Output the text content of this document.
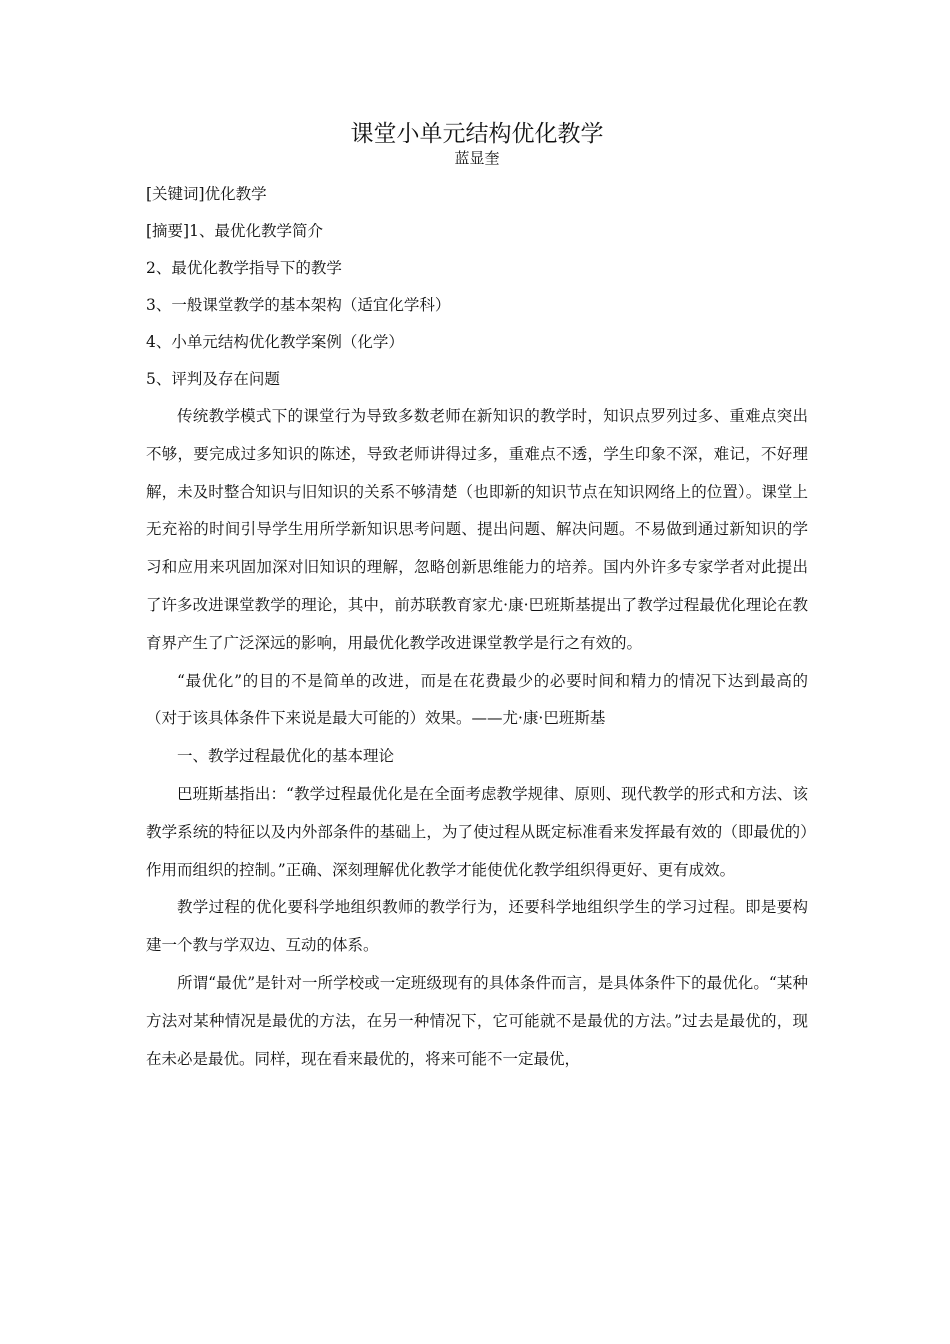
课堂小单元结构优化教学
蓝显奎

[关键词]优化教学

[摘要]1、最优化教学简介

2、最优化教学指导下的教学

3、一般课堂教学的基本架构（适宜化学科）

4、小单元结构优化教学案例（化学）

5、评判及存在问题

传统教学模式下的课堂行为导致多数老师在新知识的教学时，知识点罗列过多、重难点突出不够，要完成过多知识的陈述，导致老师讲得过多，重难点不透，学生印象不深，难记，不好理解，未及时整合知识与旧知识的关系不够清楚（也即新的知识节点在知识网络上的位置）。课堂上无充裕的时间引导学生用所学新知识思考问题、提出问题、解决问题。不易做到通过新知识的学习和应用来巩固加深对旧知识的理解，忽略创新思维能力的培养。国内外许多专家学者对此提出了许多改进课堂教学的理论，其中，前苏联教育家尤·康·巴班斯基提出了教学过程最优化理论在教育界产生了广泛深远的影响，用最优化教学改进课堂教学是行之有效的。

“最优化”的目的不是简单的改进，而是在花费最少的必要时间和精力的情况下达到最高的（对于该具体条件下来说是最大可能的）效果。——尤·康·巴班斯基

一、教学过程最优化的基本理论

巴班斯基指出：“教学过程最优化是在全面考虑教学规律、原则、现代教学的形式和方法、该教学系统的特征以及内外部条件的基础上，为了使过程从既定标准看来发挥最有效的（即最优的）作用而组织的控制。”正确、深刻理解优化教学才能使优化教学组织得更好、更有成效。

教学过程的优化要科学地组织教师的教学行为，还要科学地组织学生的学习过程。即是要构建一个教与学双边、互动的体系。

所谓“最优”是针对一所学校或一定班级现有的具体条件而言，是具体条件下的最优化。“某种方法对某种情况是最优的方法，在另一种情况下，它可能就不是最优的方法。”过去是最优的，现在未必是最优。同样，现在看来最优的，将来可能不一定最优，
